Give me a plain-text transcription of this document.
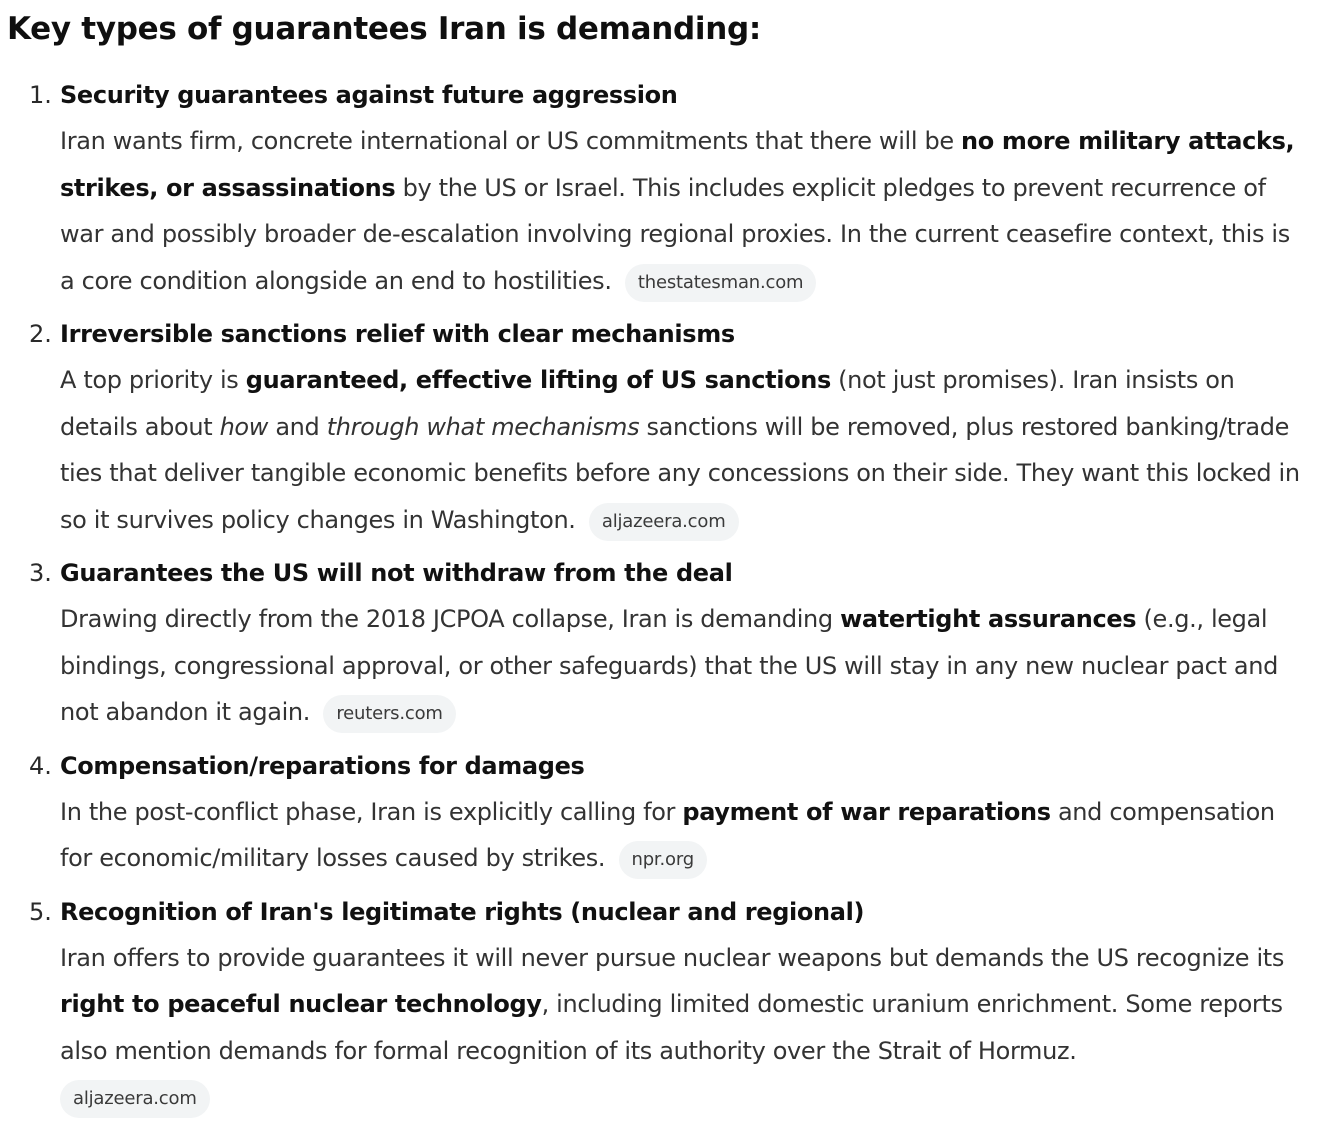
Key types of guarantees Iran is demanding:
1. Security guarantees against future aggression
Iran wants firm, concrete international or US commitments that there will be no more military attacks, strikes, or assassinations by the US or Israel. This includes explicit pledges to prevent recurrence of war and possibly broader de-escalation involving regional proxies. In the current ceasefire context, this is a core condition alongside an end to hostilities. thestatesman.com
2. Irreversible sanctions relief with clear mechanisms
A top priority is guaranteed, effective lifting of US sanctions (not just promises). Iran insists on details about how and through what mechanisms sanctions will be removed, plus restored banking/trade ties that deliver tangible economic benefits before any concessions on their side. They want this locked in so it survives policy changes in Washington. aljazeera.com
3. Guarantees the US will not withdraw from the deal
Drawing directly from the 2018 JCPOA collapse, Iran is demanding watertight assurances (e.g., legal bindings, congressional approval, or other safeguards) that the US will stay in any new nuclear pact and not abandon it again. reuters.com
4. Compensation/reparations for damages
In the post-conflict phase, Iran is explicitly calling for payment of war reparations and compensation for economic/military losses caused by strikes. npr.org
5. Recognition of Iran's legitimate rights (nuclear and regional)
Iran offers to provide guarantees it will never pursue nuclear weapons but demands the US recognize its right to peaceful nuclear technology, including limited domestic uranium enrichment. Some reports also mention demands for formal recognition of its authority over the Strait of Hormuz.
aljazeera.com
